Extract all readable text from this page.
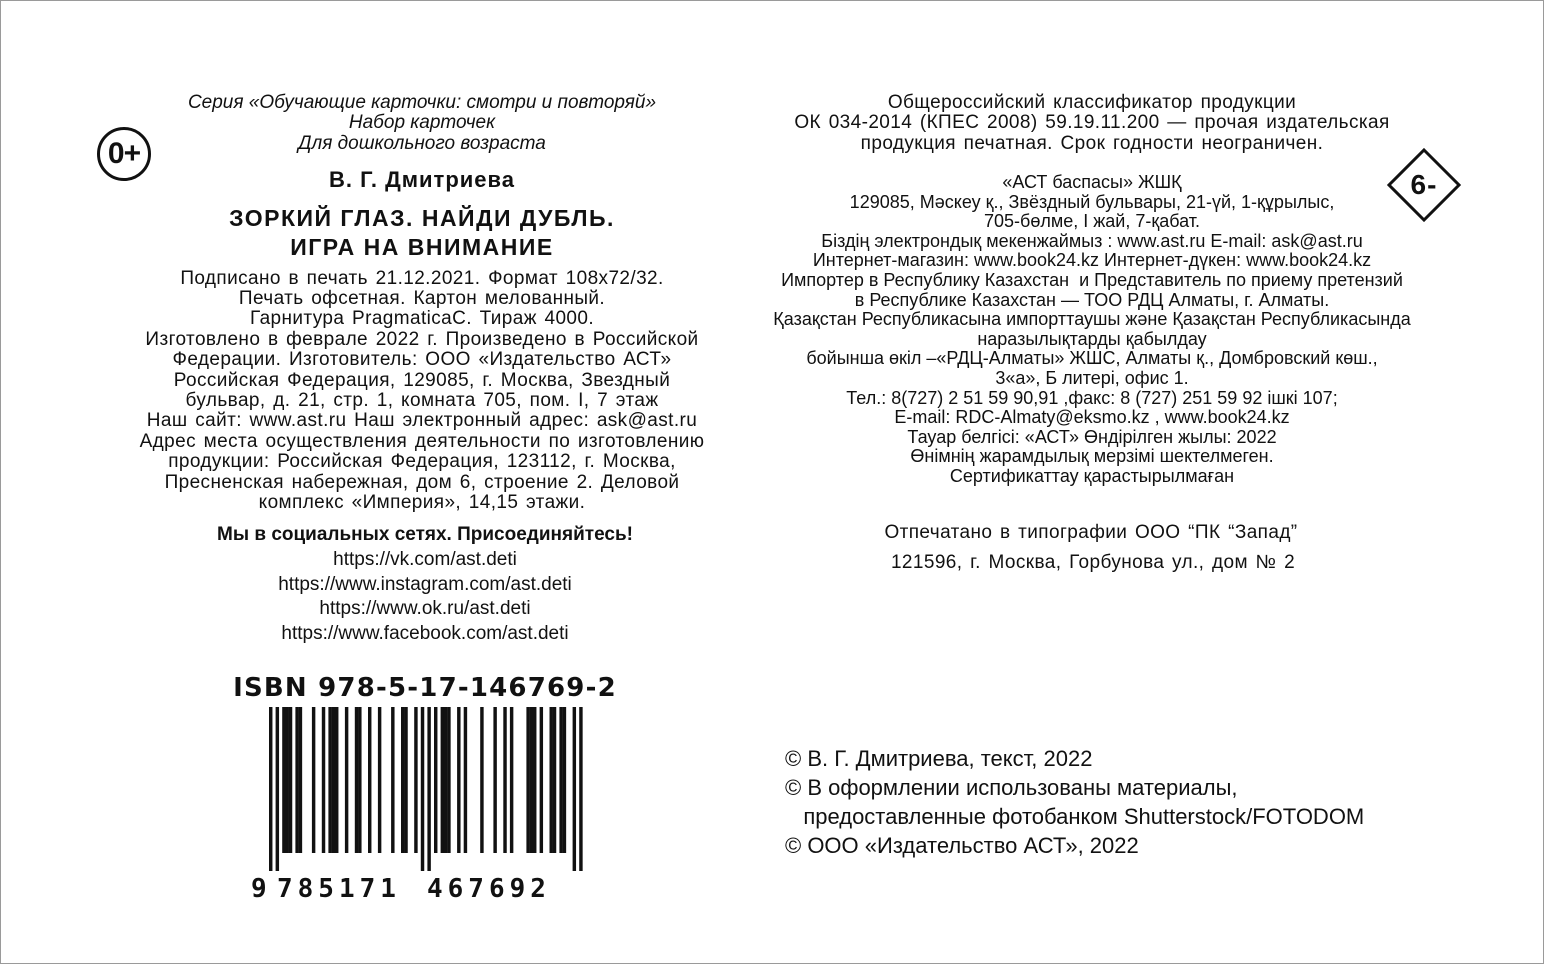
Серия «Обучающие карточки: смотри и повторяй»
Набор карточек
Для дошкольного возраста
0+
В. Г. Дмитриева
ЗОРКИЙ ГЛАЗ. НАЙДИ ДУБЛЬ.
ИГРА НА ВНИМАНИЕ
Подписано в печать 21.12.2021. Формат 108х72/32.
Печать офсетная. Картон мелованный.
Гарнитура PragmaticaC. Тираж 4000.
Изготовлено в феврале 2022 г. Произведено в Российской
Федерации. Изготовитель: ООО «Издательство АСТ»
Российская Федерация, 129085, г. Москва, Звездный
бульвар, д. 21, стр. 1, комната 705, пом. I, 7 этаж
Наш сайт: www.ast.ru Наш электронный адрес: ask@ast.ru
Адрес места осуществления деятельности по изготовлению
продукции: Российская Федерация, 123112, г. Москва,
Пресненская набережная, дом 6, строение 2. Деловой
комплекс «Империя», 14,15 этажи.
Мы в социальных сетях. Присоединяйтесь!
https://vk.com/ast.deti
https://www.instagram.com/ast.deti
https://www.ok.ru/ast.deti
https://www.facebook.com/ast.deti
ISBN 978-5-17-146769-2
9 785171 467692
Общероссийский классификатор продукции
ОК 034-2014 (КПЕС 2008) 59.19.11.200 — прочая издательская
продукция печатная. Срок годности неограничен.
6-
«АСТ баспасы» ЖШҚ
129085, Мәскеу қ., Звёздный бульвары, 21-үй, 1-құрылыс,
705-бөлме, I жай, 7-қабат.
Біздің электрондық мекенжаймыз : www.ast.ru E-mail: ask@ast.ru
Интернет-магазин: www.book24.kz Интернет-дүкен: www.book24.kz
Импортер в Республику Казахстан  и Представитель по приему претензий
в Республике Казахстан — ТОО РДЦ Алматы, г. Алматы.
Қазақстан Республикасына импорттаушы және Қазақстан Республикасында
наразылықтарды қабылдау
бойынша өкіл –«РДЦ-Алматы» ЖШС, Алматы қ., Домбровский көш.,
3«а», Б литері, офис 1.
Тел.: 8(727) 2 51 59 90,91 ,факс: 8 (727) 251 59 92 ішкі 107;
E-mail: RDC-Almaty@eksmo.kz , www.book24.kz
Тауар белгісі: «АСТ» Өндірілген жылы: 2022
Өнімнің жарамдылық мерзімі шектелмеген.
Сертификаттау қарастырылмаған
Отпечатано в типографии ООО “ПК “Запад”
121596, г. Москва, Горбунова ул., дом № 2
© В. Г. Дмитриева, текст, 2022
© В оформлении использованы материалы,
предоставленные фотобанком Shutterstock/FOTODOM
© ООО «Издательство АСТ», 2022
